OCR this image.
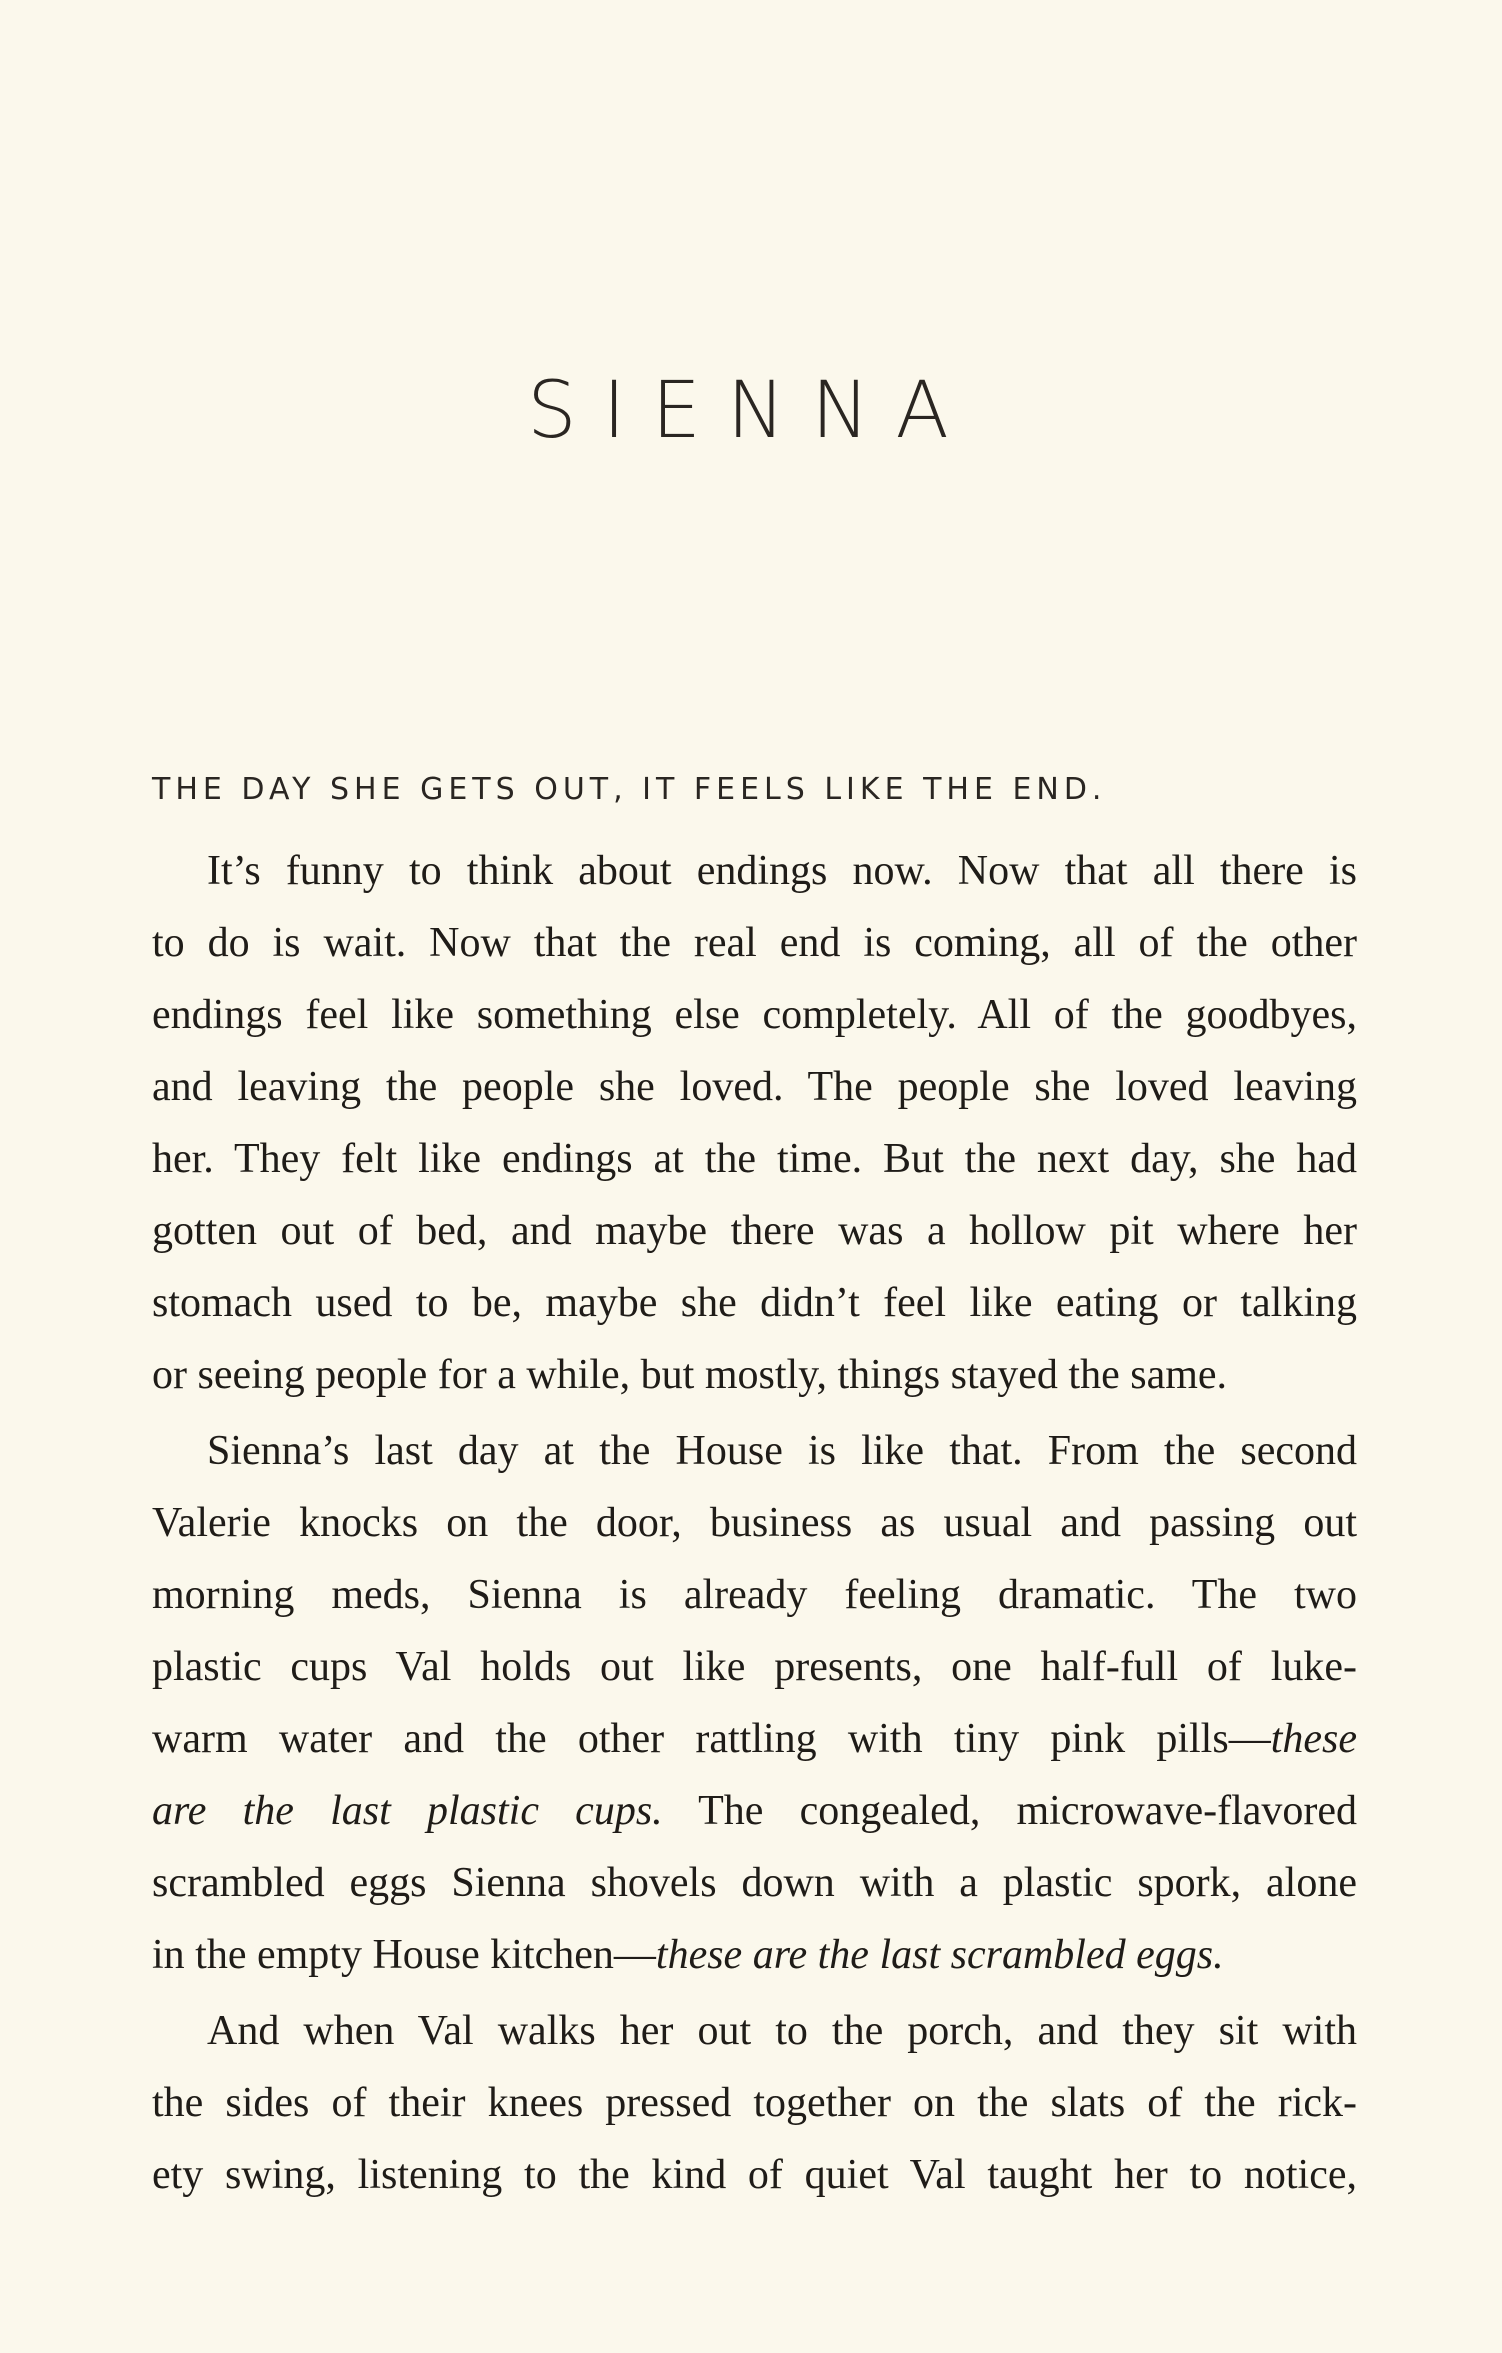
SIENNA
THE DAY SHE GETS OUT, IT FEELS LIKE THE END.
It’s funny to think about endings now. Now that all there is
to do is wait. Now that the real end is coming, all of the other
endings feel like something else completely. All of the goodbyes,
and leaving the people she loved. The people she loved leaving
her. They felt like endings at the time. But the next day, she had
gotten out of bed, and maybe there was a hollow pit where her
stomach used to be, maybe she didn’t feel like eating or talking
or seeing people for a while, but mostly, things stayed the same.
Sienna’s last day at the House is like that. From the second
Valerie knocks on the door, business as usual and passing out
morning meds, Sienna is already feeling dramatic. The two
plastic cups Val holds out like presents, one half-full of luke-
warm water and the other rattling with tiny pink pills—these
are the last plastic cups. The congealed, microwave-flavored
scrambled eggs Sienna shovels down with a plastic spork, alone
in the empty House kitchen—these are the last scrambled eggs.
And when Val walks her out to the porch, and they sit with
the sides of their knees pressed together on the slats of the rick-
ety swing, listening to the kind of quiet Val taught her to notice,
